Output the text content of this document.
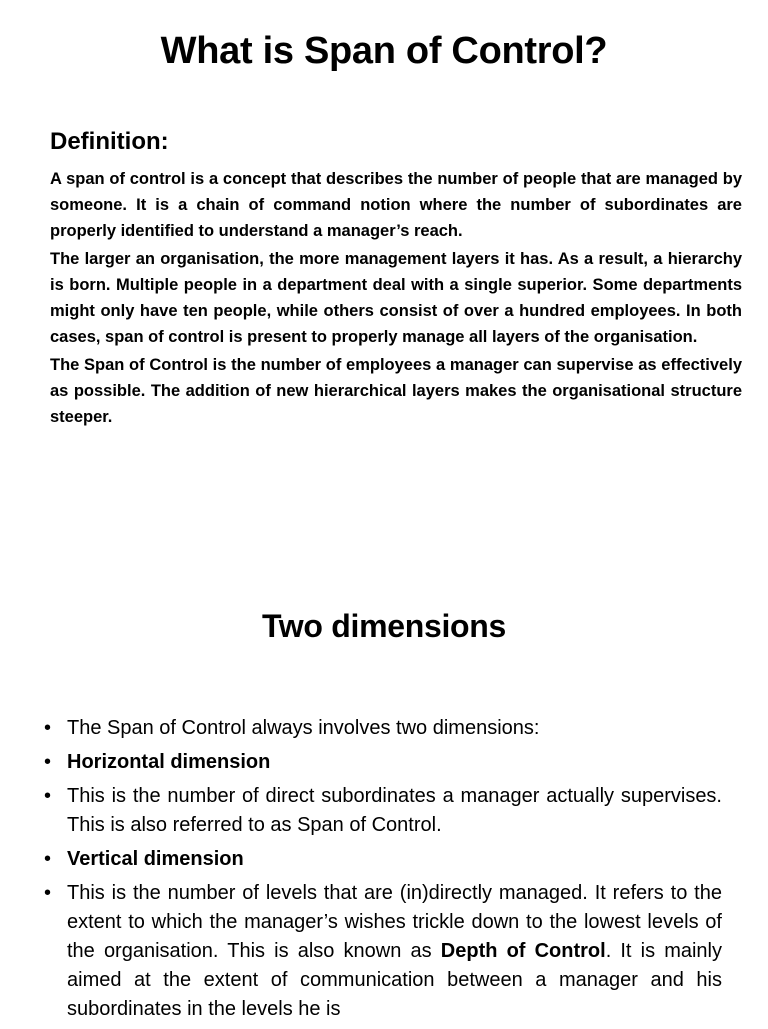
What is Span of Control?
Definition:

A span of control is a concept that describes the number of people that are managed by someone. It is a chain of command notion where the number of subordinates are properly identified to understand a manager’s reach.

The larger an organisation, the more management layers it has. As a result, a hierarchy is born. Multiple people in a department deal with a single superior. Some departments might only have ten people, while others consist of over a hundred employees. In both cases, span of control is present to properly manage all layers of the organisation.

The Span of Control is the number of employees a manager can supervise as effectively as possible. The addition of new hierarchical layers makes the organisational structure steeper.

Two dimensions
• The Span of Control always involves two dimensions:
• Horizontal dimension
• This is the number of direct subordinates a manager actually supervises. This is also referred to as Span of Control.
• Vertical dimension
• This is the number of levels that are (in)directly managed. It refers to the extent to which the manager’s wishes trickle down to the lowest levels of the organisation. This is also known as Depth of Control. It is mainly aimed at the extent of communication between a manager and his subordinates in the levels he is
